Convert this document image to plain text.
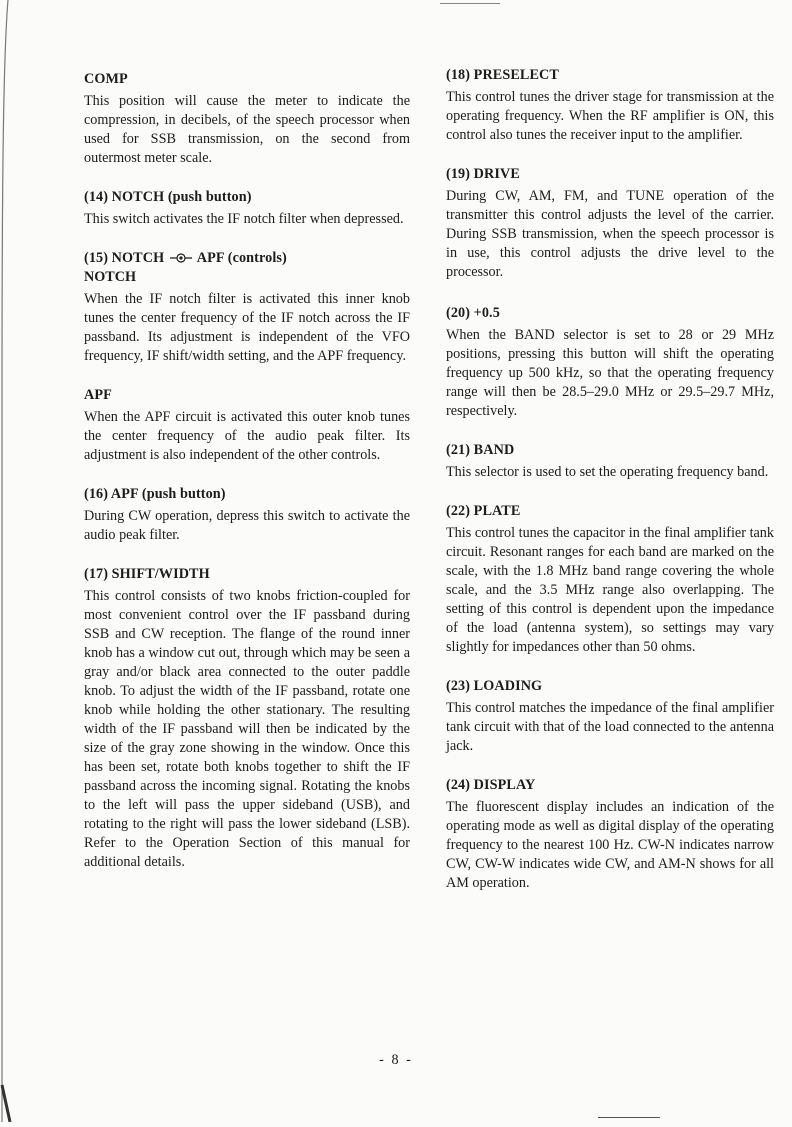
COMP

This position will cause the meter to indicate the compression, in decibels, of the speech processor when used for SSB transmission, on the second from outermost meter scale.

(14) NOTCH (push button)

This switch activates the IF notch filter when depressed.

(15) NOTCH APF (controls)
NOTCH

When the IF notch filter is activated this inner knob tunes the center frequency of the IF notch across the IF passband. Its adjustment is independent of the VFO frequency, IF shift/width setting, and the APF frequency.

APF

When the APF circuit is activated this outer knob tunes the center frequency of the audio peak filter. Its adjustment is also independent of the other controls.

(16) APF (push button)

During CW operation, depress this switch to activate the audio peak filter.

(17) SHIFT/WIDTH

This control consists of two knobs friction-coupled for most convenient control over the IF passband during SSB and CW reception. The flange of the round inner knob has a window cut out, through which may be seen a gray and/or black area connected to the outer paddle knob. To adjust the width of the IF passband, rotate one knob while holding the other stationary. The resulting width of the IF passband will then be indicated by the size of the gray zone showing in the window. Once this has been set, rotate both knobs together to shift the IF passband across the incoming signal. Rotating the knobs to the left will pass the upper sideband (USB), and rotating to the right will pass the lower sideband (LSB). Refer to the Operation Section of this manual for additional details.

(18) PRESELECT

This control tunes the driver stage for transmission at the operating frequency. When the RF amplifier is ON, this control also tunes the receiver input to the amplifier.

(19) DRIVE

During CW, AM, FM, and TUNE operation of the transmitter this control adjusts the level of the carrier. During SSB transmission, when the speech processor is in use, this control adjusts the drive level to the processor.

(20) +0.5

When the BAND selector is set to 28 or 29 MHz positions, pressing this button will shift the operating frequency up 500 kHz, so that the operating frequency range will then be 28.5–29.0 MHz or 29.5–29.7 MHz, respectively.

(21) BAND

This selector is used to set the operating frequency band.

(22) PLATE

This control tunes the capacitor in the final amplifier tank circuit. Resonant ranges for each band are marked on the scale, with the 1.8 MHz band range covering the whole scale, and the 3.5 MHz range also overlapping. The setting of this control is dependent upon the impedance of the load (antenna system), so settings may vary slightly for impedances other than 50 ohms.

(23) LOADING

This control matches the impedance of the final amplifier tank circuit with that of the load connected to the antenna jack.

(24) DISPLAY

The fluorescent display includes an indication of the operating mode as well as digital display of the operating frequency to the nearest 100 Hz. CW-N indicates narrow CW, CW-W indicates wide CW, and AM-N shows for all AM operation.

- 8 -
